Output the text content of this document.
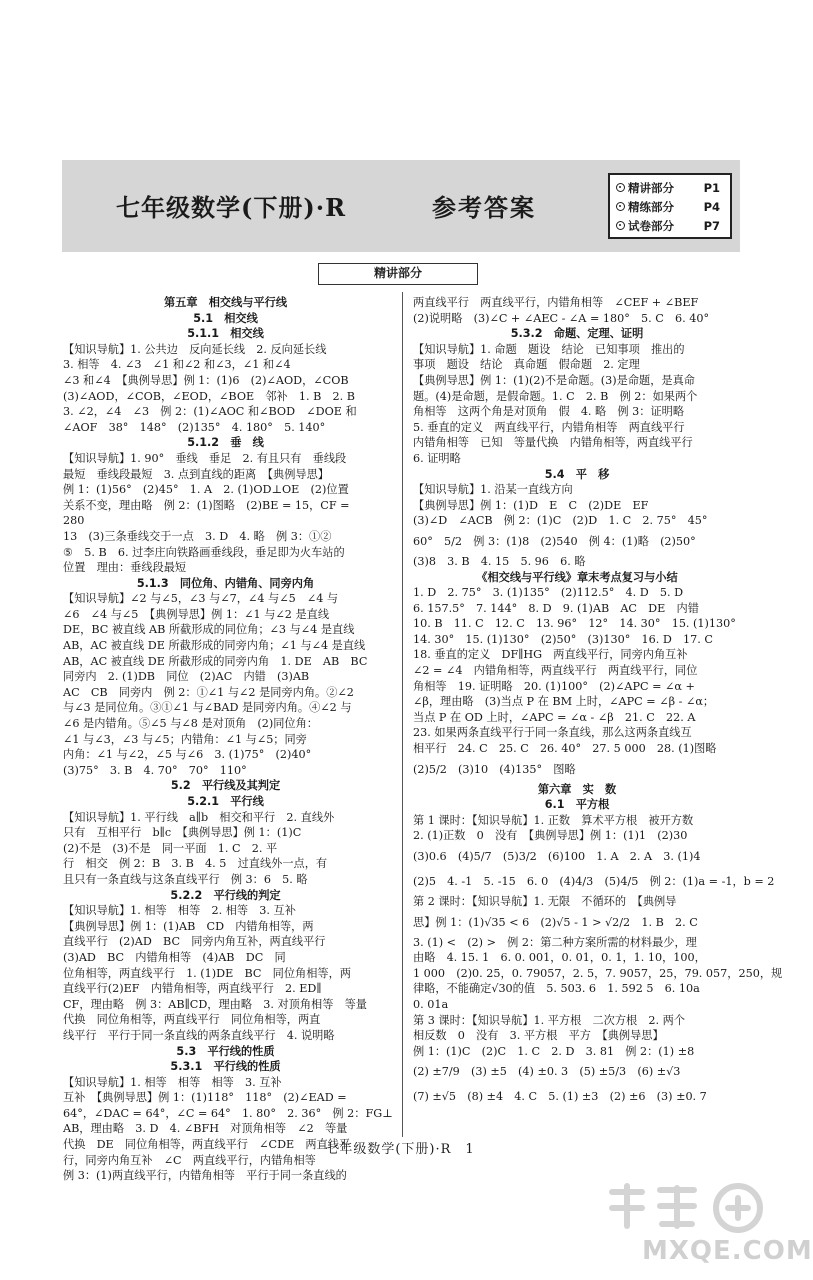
七年级数学(下册)·R	参考答案
精讲部分	P1
精练部分	P4
试卷部分	P7
精讲部分
第五章　相交线与平行线
5.1　相交线
5.1.1　相交线
【知识导航】1. 公共边　反向延长线　2. 反向延长线
3. 相等　4. ∠3　∠1 和∠2 和∠3，∠1 和∠4
∠3 和∠4　【典例导思】例 1：(1)6　(2)∠AOD，∠COB
(3)∠AOD，∠COB，∠EOD，∠BOE　邻补　1. B　2. B
3. ∠2，∠4　∠3　例 2：(1)∠AOC 和∠BOD　∠DOE 和
∠AOF　38°　148°　(2)135°　4. 180°　5. 140°
5.1.2　垂　线
【知识导航】1. 90°　垂线　垂足　2. 有且只有　垂线段
最短　垂线段最短　3. 点到直线的距离　【典例导思】
例 1：(1)56°　(2)45°　1. A　2. (1)OD⊥OE　(2)位置
关系不变，理由略　例 2：(1)图略　(2)BE = 15，CF =
280
13　(3)三条垂线交于一点　3. D　4. 略　例 3：①②
⑤　5. B　6. 过李庄向铁路画垂线段，垂足即为火车站的
位置　理由：垂线段最短
5.1.3　同位角、内错角、同旁内角
【知识导航】∠2 与∠5，∠3 与∠7，∠4 与∠5　∠4 与
∠6　∠4 与∠5　【典例导思】例 1：∠1 与∠2 是直线
DE，BC 被直线 AB 所截形成的同位角；∠3 与∠4 是直线
AB，AC 被直线 DE 所截形成的同旁内角；∠1 与∠4 是直线
AB，AC 被直线 DE 所截形成的同旁内角　1. DE　AB　BC
同旁内　2. (1)DB　同位　(2)AC　内错　(3)AB
AC　CB　同旁内　例 2：①∠1 与∠2 是同旁内角。②∠2
与∠3 是同位角。③①∠1 与∠BAD 是同旁内角。④∠2 与
∠6 是内错角。⑤∠5 与∠8 是对顶角　(2)同位角：
∠1 与∠3，∠3 与∠5；内错角：∠1 与∠5；同旁
内角：∠1 与∠2，∠5 与∠6　3. (1)75°　(2)40°
(3)75°　3. B　4. 70°　70°　110°
5.2　平行线及其判定
5.2.1　平行线
【知识导航】1. 平行线　a∥b　相交和平行　2. 直线外
只有　互相平行　b∥c　【典例导思】例 1：(1)C
(2)不是　(3)不是　同一平面　1. C　2. 平
行　相交　例 2：B　3. B　4. 5　过直线外一点，有
且只有一条直线与这条直线平行　例 3：6　5. 略
5.2.2　平行线的判定
【知识导航】1. 相等　相等　2. 相等　3. 互补
【典例导思】例 1：(1)AB　CD　内错角相等，两
直线平行　(2)AD　BC　同旁内角互补，两直线平行
(3)AD　BC　内错角相等　(4)AB　DC　同
位角相等，两直线平行　1. (1)DE　BC　同位角相等，两
直线平行(2)EF　内错角相等，两直线平行　2. ED∥
CF，理由略　例 3：AB∥CD，理由略　3. 对顶角相等　等量
代换　同位角相等，两直线平行　同位角相等，两直
线平行　平行于同一条直线的两条直线平行　4. 说明略
5.3　平行线的性质
5.3.1　平行线的性质
【知识导航】1. 相等　相等　相等　3. 互补
互补　【典例导思】例 1：(1)118°　118°　(2)∠EAD =
64°，∠DAC = 64°，∠C = 64°　1. 80°　2. 36°　例 2：FG⊥
AB，理由略　3. D　4. ∠BFH　对顶角相等　∠2　等量
代换　DE　同位角相等，两直线平行　∠CDE　两直线平
行，同旁内角互补　∠C　两直线平行，内错角相等
例 3：(1)两直线平行，内错角相等　平行于同一条直线的
两直线平行　两直线平行，内错角相等　∠CEF + ∠BEF
(2)说明略　(3)∠C + ∠AEC - ∠A = 180°　5. C　6. 40°
5.3.2　命题、定理、证明
【知识导航】1. 命题　题设　结论　已知事项　推出的
事项　题设　结论　真命题　假命题　2. 定理
【典例导思】例 1：(1)(2)不是命题。(3)是命题，是真命
题。(4)是命题，是假命题。1. C　2. B　例 2：如果两个
角相等　这两个角是对顶角　假　4. 略　例 3：证明略
5. 垂直的定义　两直线平行，内错角相等　两直线平行
内错角相等　已知　等量代换　内错角相等，两直线平行
6. 证明略
5.4　平　移
【知识导航】1. 沿某一直线方向
【典例导思】例 1：(1)D　E　C　(2)DE　EF
(3)∠D　∠ACB　例 2：(1)C　(2)D　1. C　2. 75°　45°
60°　5/2　例 3：(1)8　(2)540　例 4：(1)略　(2)50°
(3)8　3. B　4. 15　5. 96　6. 略
《相交线与平行线》章末考点复习与小结
1. D　2. 75°　3. (1)135°　(2)112.5°　4. D　5. D
6. 157.5°　7. 144°　8. D　9. (1)AB　AC　DE　内错
10. B　11. C　12. C　13. 96°　12°　14. 30°　15. (1)130°
14. 30°　15. (1)130°　(2)50°　(3)130°　16. D　17. C
18. 垂直的定义　DF∥HG　两直线平行，同旁内角互补
∠2 = ∠4　内错角相等，两直线平行　两直线平行，同位
角相等　19. 证明略　20. (1)100°　(2)∠APC = ∠α +
∠β，理由略　(3)当点 P 在 BM 上时，∠APC = ∠β - ∠α；
当点 P 在 OD 上时，∠APC = ∠α - ∠β　21. C　22. A
23. 如果两条直线平行于同一条直线，那么这两条直线互
相平行　24. C　25. C　26. 40°　27. 5 000　28. (1)图略
(2)5/2　(3)10　(4)135°　图略
第六章　实　数
6.1　平方根
第 1 课时：【知识导航】1. 正数　算术平方根　被开方数
2. (1)正数　0　没有　【典例导思】例 1：(1)1　(2)30
(3)0.6　(4)5/7　(5)3/2　(6)100　1. A　2. A　3. (1)4
(2)5　4. -1　5. -15　6. 0　(4)4/3　(5)4/5　例 2：(1)a = -1，b = 2
第 2 课时：【知识导航】1. 无限　不循环的　【典例导
思】例 1：(1)√35 < 6　(2)√5 - 1 > √2/2　1. B　2. C
3. (1) <　(2) >　例 2：第二种方案所需的材料最少，理
由略　4. 15. 1　6. 0. 001，0. 01，0. 1，1. 10，100，
1 000　(2)0. 25，0. 79057，2. 5，7. 9057，25，79. 057，250，规
律略，不能确定√30的值　5. 503. 6　1. 592 5　6. 10a
0. 01a
第 3 课时：【知识导航】1. 平方根　二次方根　2. 两个
相反数　0　没有　3. 平方根　平方　【典例导思】
例 1：(1)C　(2)C　1. C　2. D　3. 81　例 2：(1) ±8
(2) ±7/9　(3) ±5　(4) ±0. 3　(5) ±5/3　(6) ±√3
(7) ±√5　(8) ±4　4. C　5. (1) ±3　(2) ±6　(3) ±0. 7
七年级数学(下册)·R　1
MXQE.COM
